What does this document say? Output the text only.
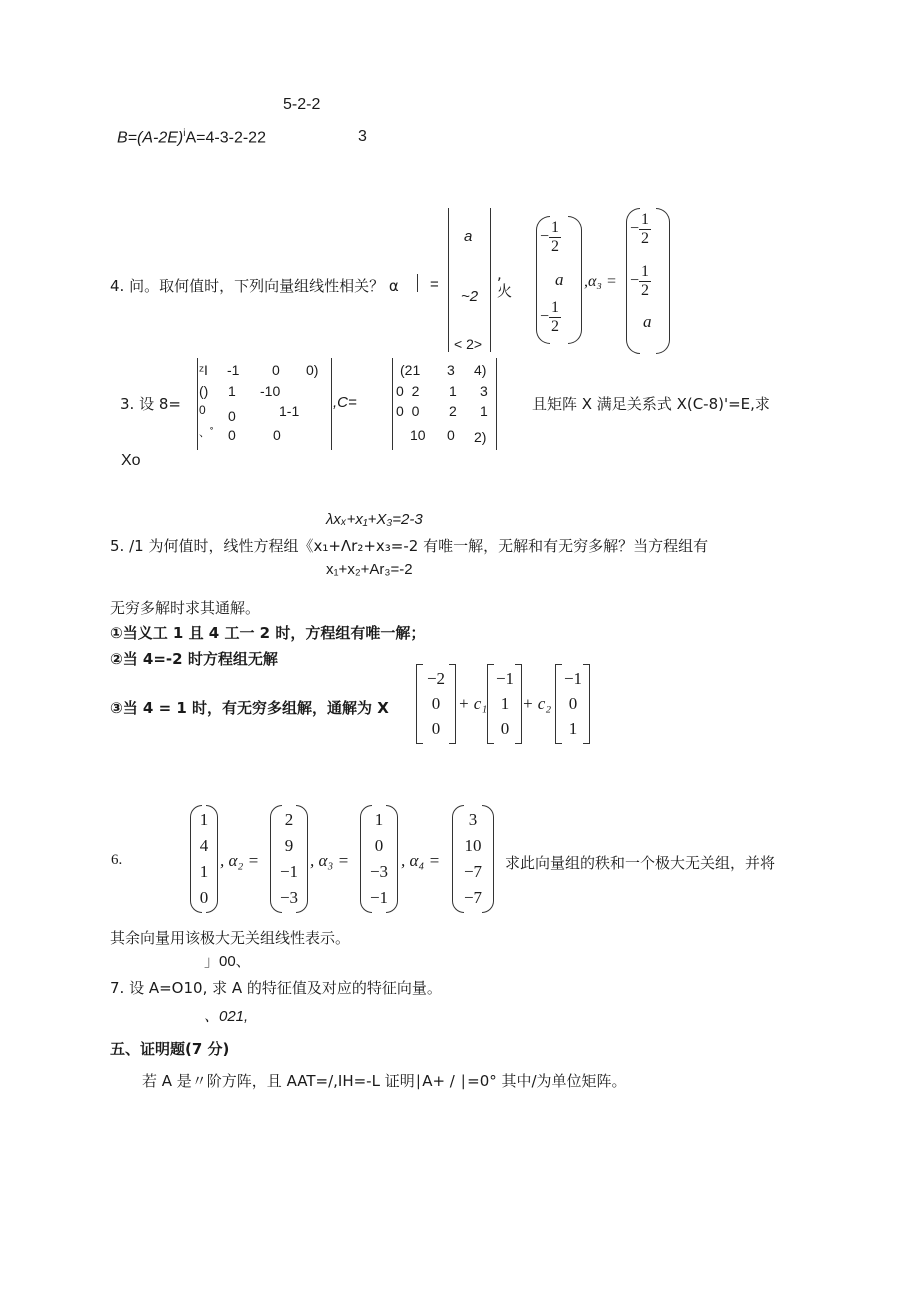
5-2-2
$B=(A-2E)^iA=4-3-2-22$	3
4. 问。取何值时，下列向量组线性相关？ α =
a
~2
< 2>
,
火
− $\frac{1}{2}$
a
− $\frac{1}{2}$
,α₃ =
− $\frac{1}{2}$
− $\frac{1}{2}$
a
3. 设 8=
ᶻI -1 0 0)
() 1 -10
0 0	1-1
、˚ 0	0
,C=
(21 3 4)
0  2 1 3
0  0 2 1
10 0 2)
且矩阵 X 满足关系式 X(C-8)'=E,求
Xo
λxₓ+x₁+X₃=2-3
5. /1 为何值时，线性方程组《x₁+Λr₂+x₃=-2 有唯一解，无解和有无穷多解？当方程组有
x₁+x₂+Ar₃=-2
无穷多解时求其通解。
①当义工 1 且 4 工一 2 时，方程组有唯一解；
②当 4=-2 时方程组无解
③当 4 = 1 时，有无穷多组解，通解为 X
−2
0
0
+ c₁
−1
1
0
+ c₂
−1
0
1
6.
1
4
1
0
, α₂ =
2
9
−1
−3
, α₃ =
1
0
−3
−1
, α₄ =
3
10
−7
−7
求此向量组的秩和一个极大无关组，并将
其余向量用该极大无关组线性表示。
」00、
7. 设 A=O10, 求 A 的特征值及对应的特征向量。
、021,
五、证明题(7 分)
若 A 是〃阶方阵，且 AAT=/,IH=-L 证明∣A+ / ∣=0° 其中/为单位矩阵。
